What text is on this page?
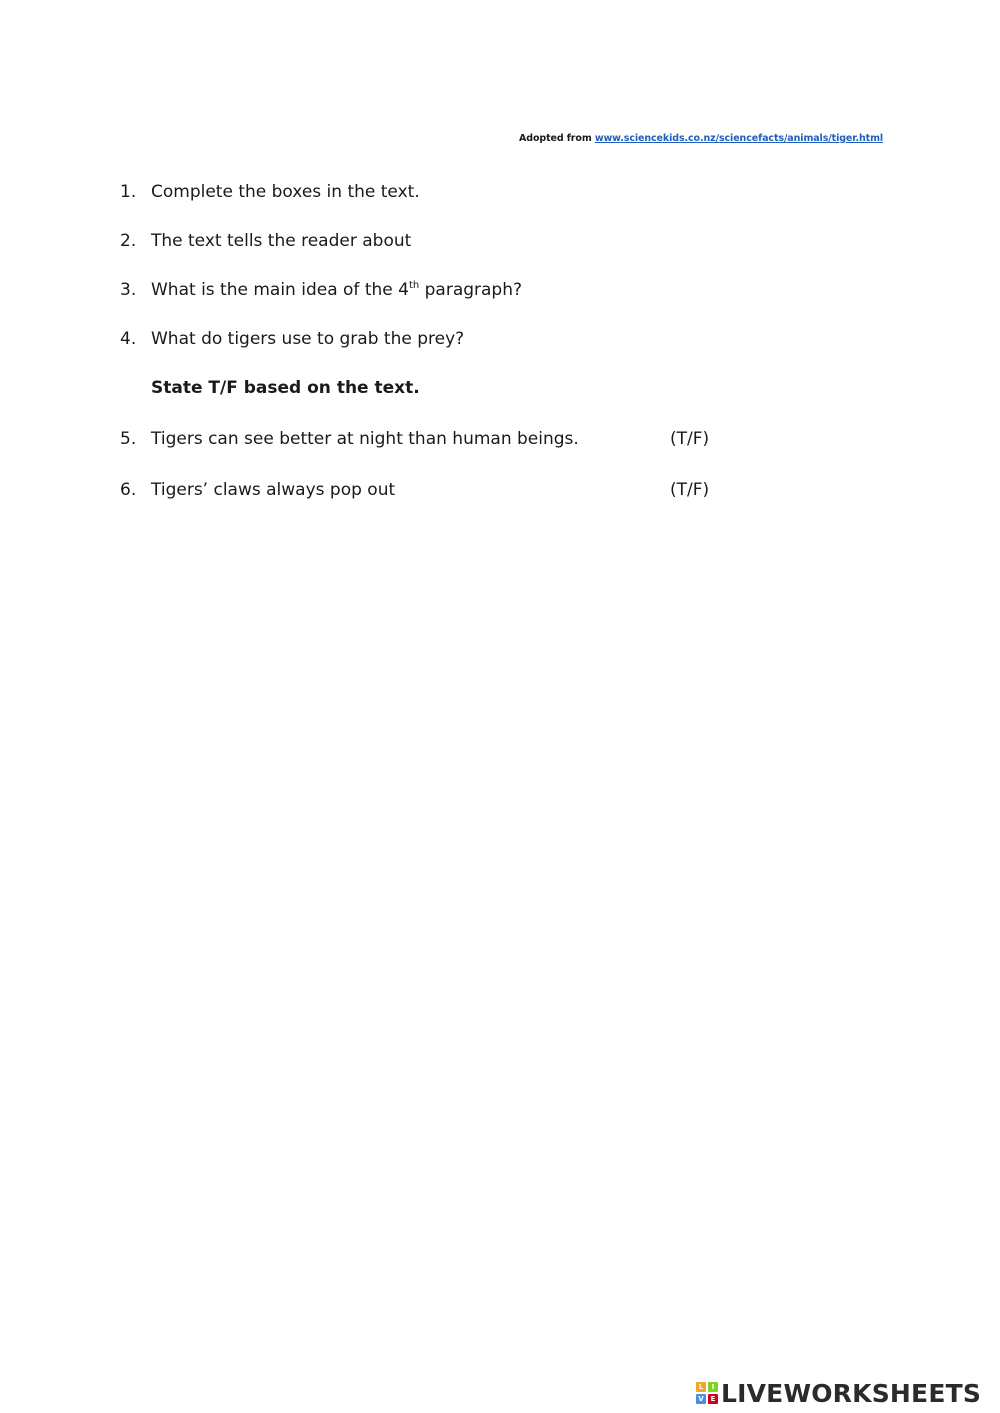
Adopted from www.sciencekids.co.nz/sciencefacts/animals/tiger.html
1. Complete the boxes in the text.
2. The text tells the reader about
3. What is the main idea of the 4th paragraph?
4. What do tigers use to grab the prey?
State T/F based on the text.
5. Tigers can see better at night than human beings.	(T/F)
6. Tigers’ claws always pop out	(T/F)
L	I
V E LIVEWORKSHEETS
